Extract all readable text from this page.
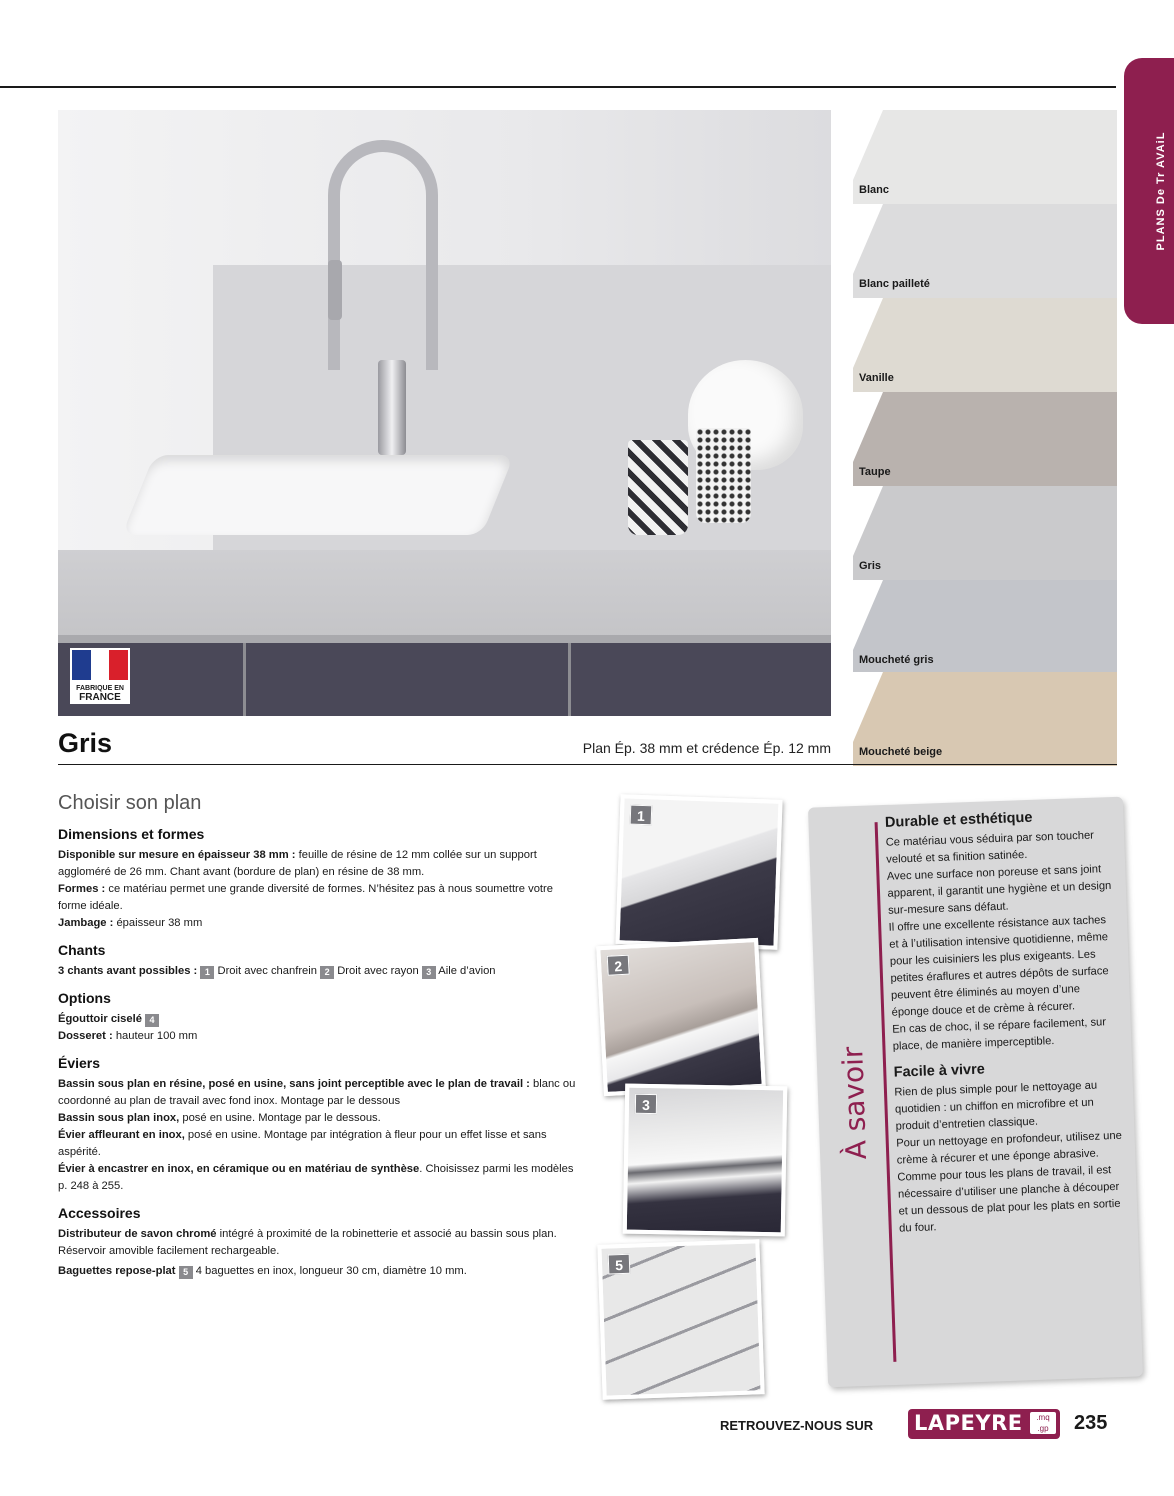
PLANS De Tr AVAiL
FABRIQUE EN
FRANCE
Blanc
Blanc pailleté
Vanille
Taupe
Gris
Moucheté gris
Moucheté beige
Gris	Plan Ép. 38 mm et crédence Ép. 12 mm
Choisir son plan
Dimensions et formes

Disponible sur mesure en épaisseur 38 mm : feuille de résine de 12 mm collée sur un support aggloméré de 26 mm. Chant avant (bordure de plan) en résine de 38 mm.

Formes : ce matériau permet une grande diversité de formes. N’hésitez pas à nous soumettre votre forme idéale.

Jambage : épaisseur 38 mm

Chants

3 chants avant possibles : 1 Droit avec chanfrein 2 Droit avec rayon 3 Aile d’avion

Options

Égouttoir ciselé 4

Dosseret : hauteur 100 mm

Éviers

Bassin sous plan en résine, posé en usine, sans joint perceptible avec le plan de travail : blanc ou coordonné au plan de travail avec fond inox. Montage par le dessous

Bassin sous plan inox, posé en usine. Montage par le dessous.

Évier affleurant en inox, posé en usine. Montage par intégration à fleur pour un effet lisse et sans aspérité.

Évier à encastrer en inox, en céramique ou en matériau de synthèse. Choisissez parmi les modèles p. 248 à 255.

Accessoires

Distributeur de savon chromé intégré à proximité de la robinetterie et associé au bassin sous plan. Réservoir amovible facilement rechargeable.

Baguettes repose-plat 5 4 baguettes en inox, longueur 30 cm, diamètre 10 mm.

1
2
3
5
À savoir
Durable et esthétique

Ce matériau vous séduira par son toucher velouté et sa finition satinée.

Avec une surface non poreuse et sans joint apparent, il garantit une hygiène et un design sur-mesure sans défaut.

Il offre une excellente résistance aux taches et à l’utilisation intensive quotidienne, même pour les cuisiniers les plus exigeants. Les petites éraflures et autres dépôts de surface peuvent être éliminés au moyen d’une éponge douce et de crème à récurer.

En cas de choc, il se répare facilement, sur place, de manière imperceptible.

Facile à vivre

Rien de plus simple pour le nettoyage au quotidien : un chiffon en microfibre et un produit d’entretien classique.

Pour un nettoyage en profondeur, utilisez une crème à récurer et une éponge abrasive.

Comme pour tous les plans de travail, il est nécessaire d’utiliser une planche à découper et un dessous de plat pour les plats en sortie du four.

RETROUVEZ-NOUS SUR LAPEYRE	.mq
.gp	235
